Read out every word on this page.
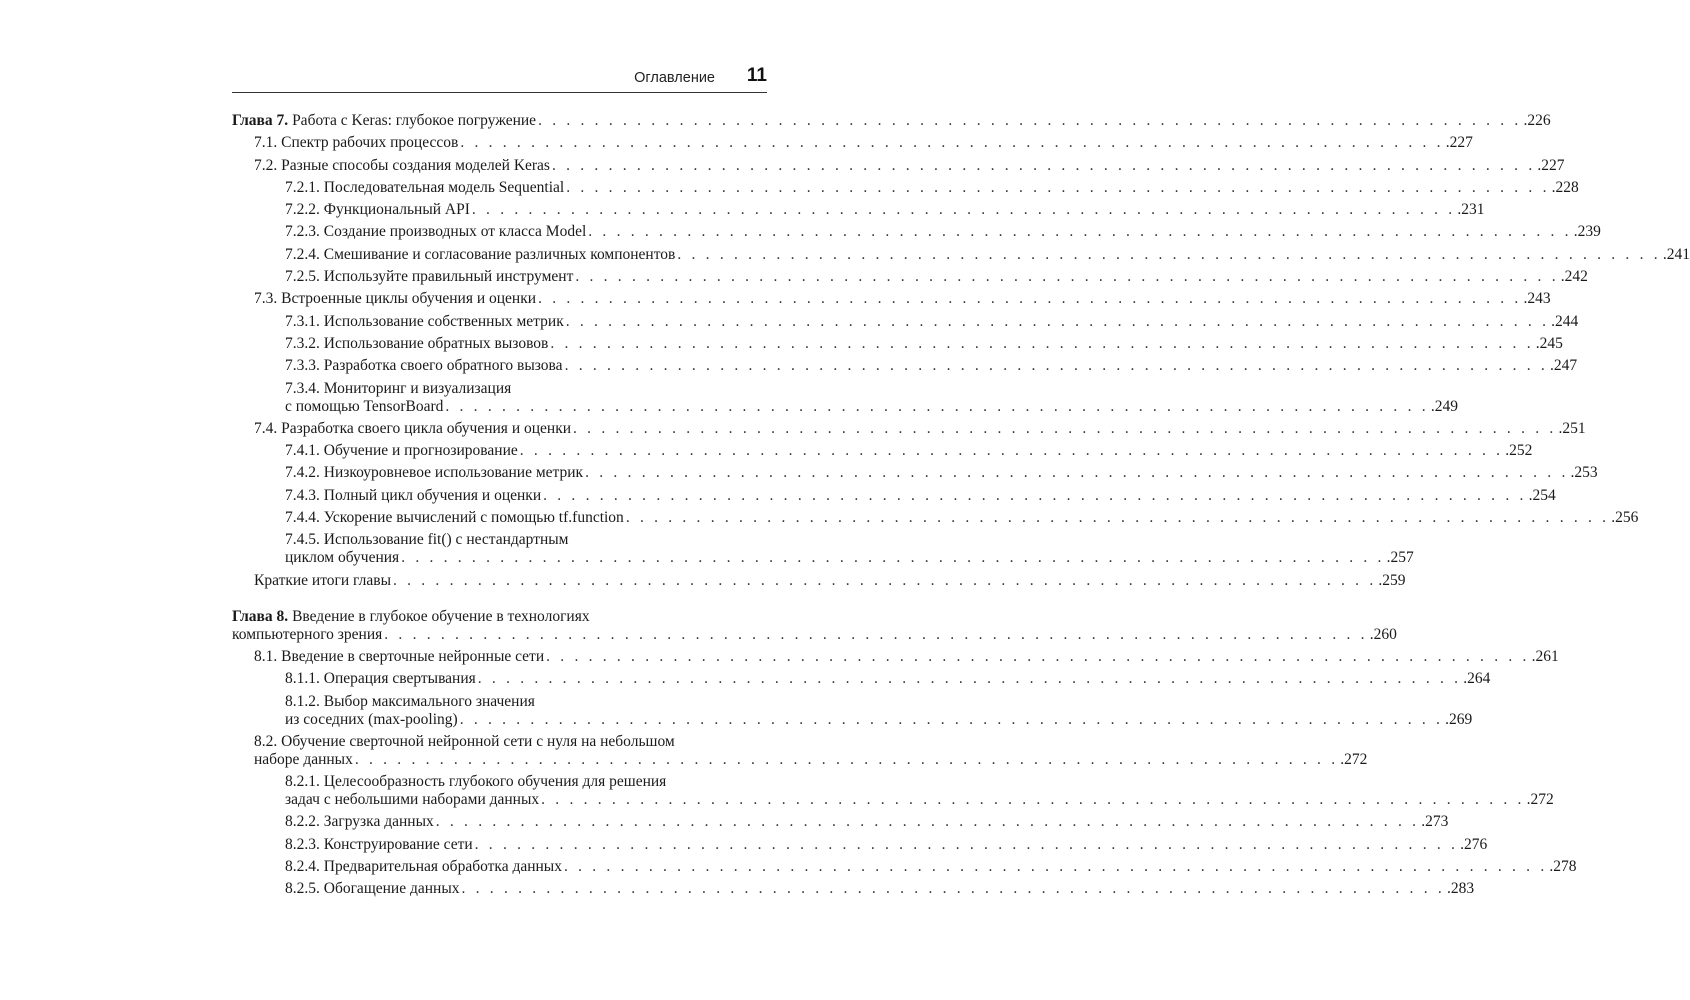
Оглавление 11
Глава 7. Работа с Keras: глубокое погружение . . . . . . . . . . . . . . . . . . . . . . . . . . . . . . . . . . . . . . . . . . . . . . . . . . . . . . . . . . . . . . . . . . . . . . .226
7.1. Спектр рабочих процессов . . . . . . . . . . . . . . . . . . . . . . . . . . . . . . . . . . . . . . . . . . . . . . . . . . . . . . . . . . . . . . . . . . . . . . .227
7.2. Разные способы создания моделей Keras . . . . . . . . . . . . . . . . . . . . . . . . . . . . . . . . . . . . . . . . . . . . . . . . . . . . . . . . . . . . . . . . . . . . . . .227
7.2.1. Последовательная модель Sequential . . . . . . . . . . . . . . . . . . . . . . . . . . . . . . . . . . . . . . . . . . . . . . . . . . . . . . . . . . . . . . . . . . . . . . .228
7.2.2. Функциональный API . . . . . . . . . . . . . . . . . . . . . . . . . . . . . . . . . . . . . . . . . . . . . . . . . . . . . . . . . . . . . . . . . . . . . . .231
7.2.3. Создание производных от класса Model . . . . . . . . . . . . . . . . . . . . . . . . . . . . . . . . . . . . . . . . . . . . . . . . . . . . . . . . . . . . . . . . . . . . . . .239
7.2.4. Смешивание и согласование различных компонентов . . . . . . . . . . . . . . . . . . . . . . . . . . . . . . . . . . . . . . . . . . . . . . . . . . . . . . . . . . . . . . . . . . . . . . .241
7.2.5. Используйте правильный инструмент . . . . . . . . . . . . . . . . . . . . . . . . . . . . . . . . . . . . . . . . . . . . . . . . . . . . . . . . . . . . . . . . . . . . . . .242
7.3. Встроенные циклы обучения и оценки . . . . . . . . . . . . . . . . . . . . . . . . . . . . . . . . . . . . . . . . . . . . . . . . . . . . . . . . . . . . . . . . . . . . . . .243
7.3.1. Использование собственных метрик . . . . . . . . . . . . . . . . . . . . . . . . . . . . . . . . . . . . . . . . . . . . . . . . . . . . . . . . . . . . . . . . . . . . . . .244
7.3.2. Использование обратных вызовов . . . . . . . . . . . . . . . . . . . . . . . . . . . . . . . . . . . . . . . . . . . . . . . . . . . . . . . . . . . . . . . . . . . . . . .245
7.3.3. Разработка своего обратного вызова . . . . . . . . . . . . . . . . . . . . . . . . . . . . . . . . . . . . . . . . . . . . . . . . . . . . . . . . . . . . . . . . . . . . . . .247
7.3.4. Мониторинг и визуализация
с помощью TensorBoard . . . . . . . . . . . . . . . . . . . . . . . . . . . . . . . . . . . . . . . . . . . . . . . . . . . . . . . . . . . . . . . . . . . . . . .249
7.4. Разработка своего цикла обучения и оценки . . . . . . . . . . . . . . . . . . . . . . . . . . . . . . . . . . . . . . . . . . . . . . . . . . . . . . . . . . . . . . . . . . . . . . .251
7.4.1. Обучение и прогнозирование . . . . . . . . . . . . . . . . . . . . . . . . . . . . . . . . . . . . . . . . . . . . . . . . . . . . . . . . . . . . . . . . . . . . . . .252
7.4.2. Низкоуровневое использование метрик . . . . . . . . . . . . . . . . . . . . . . . . . . . . . . . . . . . . . . . . . . . . . . . . . . . . . . . . . . . . . . . . . . . . . . .253
7.4.3. Полный цикл обучения и оценки . . . . . . . . . . . . . . . . . . . . . . . . . . . . . . . . . . . . . . . . . . . . . . . . . . . . . . . . . . . . . . . . . . . . . . .254
7.4.4. Ускорение вычислений с помощью tf.function . . . . . . . . . . . . . . . . . . . . . . . . . . . . . . . . . . . . . . . . . . . . . . . . . . . . . . . . . . . . . . . . . . . . . . .256
7.4.5. Использование fit() с нестандартным
циклом обучения . . . . . . . . . . . . . . . . . . . . . . . . . . . . . . . . . . . . . . . . . . . . . . . . . . . . . . . . . . . . . . . . . . . . . . .257
Краткие итоги главы . . . . . . . . . . . . . . . . . . . . . . . . . . . . . . . . . . . . . . . . . . . . . . . . . . . . . . . . . . . . . . . . . . . . . . .259
Глава 8. Введение в глубокое обучение в технологиях
компьютерного зрения . . . . . . . . . . . . . . . . . . . . . . . . . . . . . . . . . . . . . . . . . . . . . . . . . . . . . . . . . . . . . . . . . . . . . . .260
8.1. Введение в сверточные нейронные сети . . . . . . . . . . . . . . . . . . . . . . . . . . . . . . . . . . . . . . . . . . . . . . . . . . . . . . . . . . . . . . . . . . . . . . .261
8.1.1. Операция свертывания . . . . . . . . . . . . . . . . . . . . . . . . . . . . . . . . . . . . . . . . . . . . . . . . . . . . . . . . . . . . . . . . . . . . . . .264
8.1.2. Выбор максимального значения
из соседних (max-pooling) . . . . . . . . . . . . . . . . . . . . . . . . . . . . . . . . . . . . . . . . . . . . . . . . . . . . . . . . . . . . . . . . . . . . . . .269
8.2. Обучение сверточной нейронной сети с нуля на небольшом
наборе данных . . . . . . . . . . . . . . . . . . . . . . . . . . . . . . . . . . . . . . . . . . . . . . . . . . . . . . . . . . . . . . . . . . . . . . .272
8.2.1. Целесообразность глубокого обучения для решения
задач с небольшими наборами данных . . . . . . . . . . . . . . . . . . . . . . . . . . . . . . . . . . . . . . . . . . . . . . . . . . . . . . . . . . . . . . . . . . . . . . .272
8.2.2. Загрузка данных . . . . . . . . . . . . . . . . . . . . . . . . . . . . . . . . . . . . . . . . . . . . . . . . . . . . . . . . . . . . . . . . . . . . . . .273
8.2.3. Конструирование сети . . . . . . . . . . . . . . . . . . . . . . . . . . . . . . . . . . . . . . . . . . . . . . . . . . . . . . . . . . . . . . . . . . . . . . .276
8.2.4. Предварительная обработка данных . . . . . . . . . . . . . . . . . . . . . . . . . . . . . . . . . . . . . . . . . . . . . . . . . . . . . . . . . . . . . . . . . . . . . . .278
8.2.5. Обогащение данных . . . . . . . . . . . . . . . . . . . . . . . . . . . . . . . . . . . . . . . . . . . . . . . . . . . . . . . . . . . . . . . . . . . . . . .283
